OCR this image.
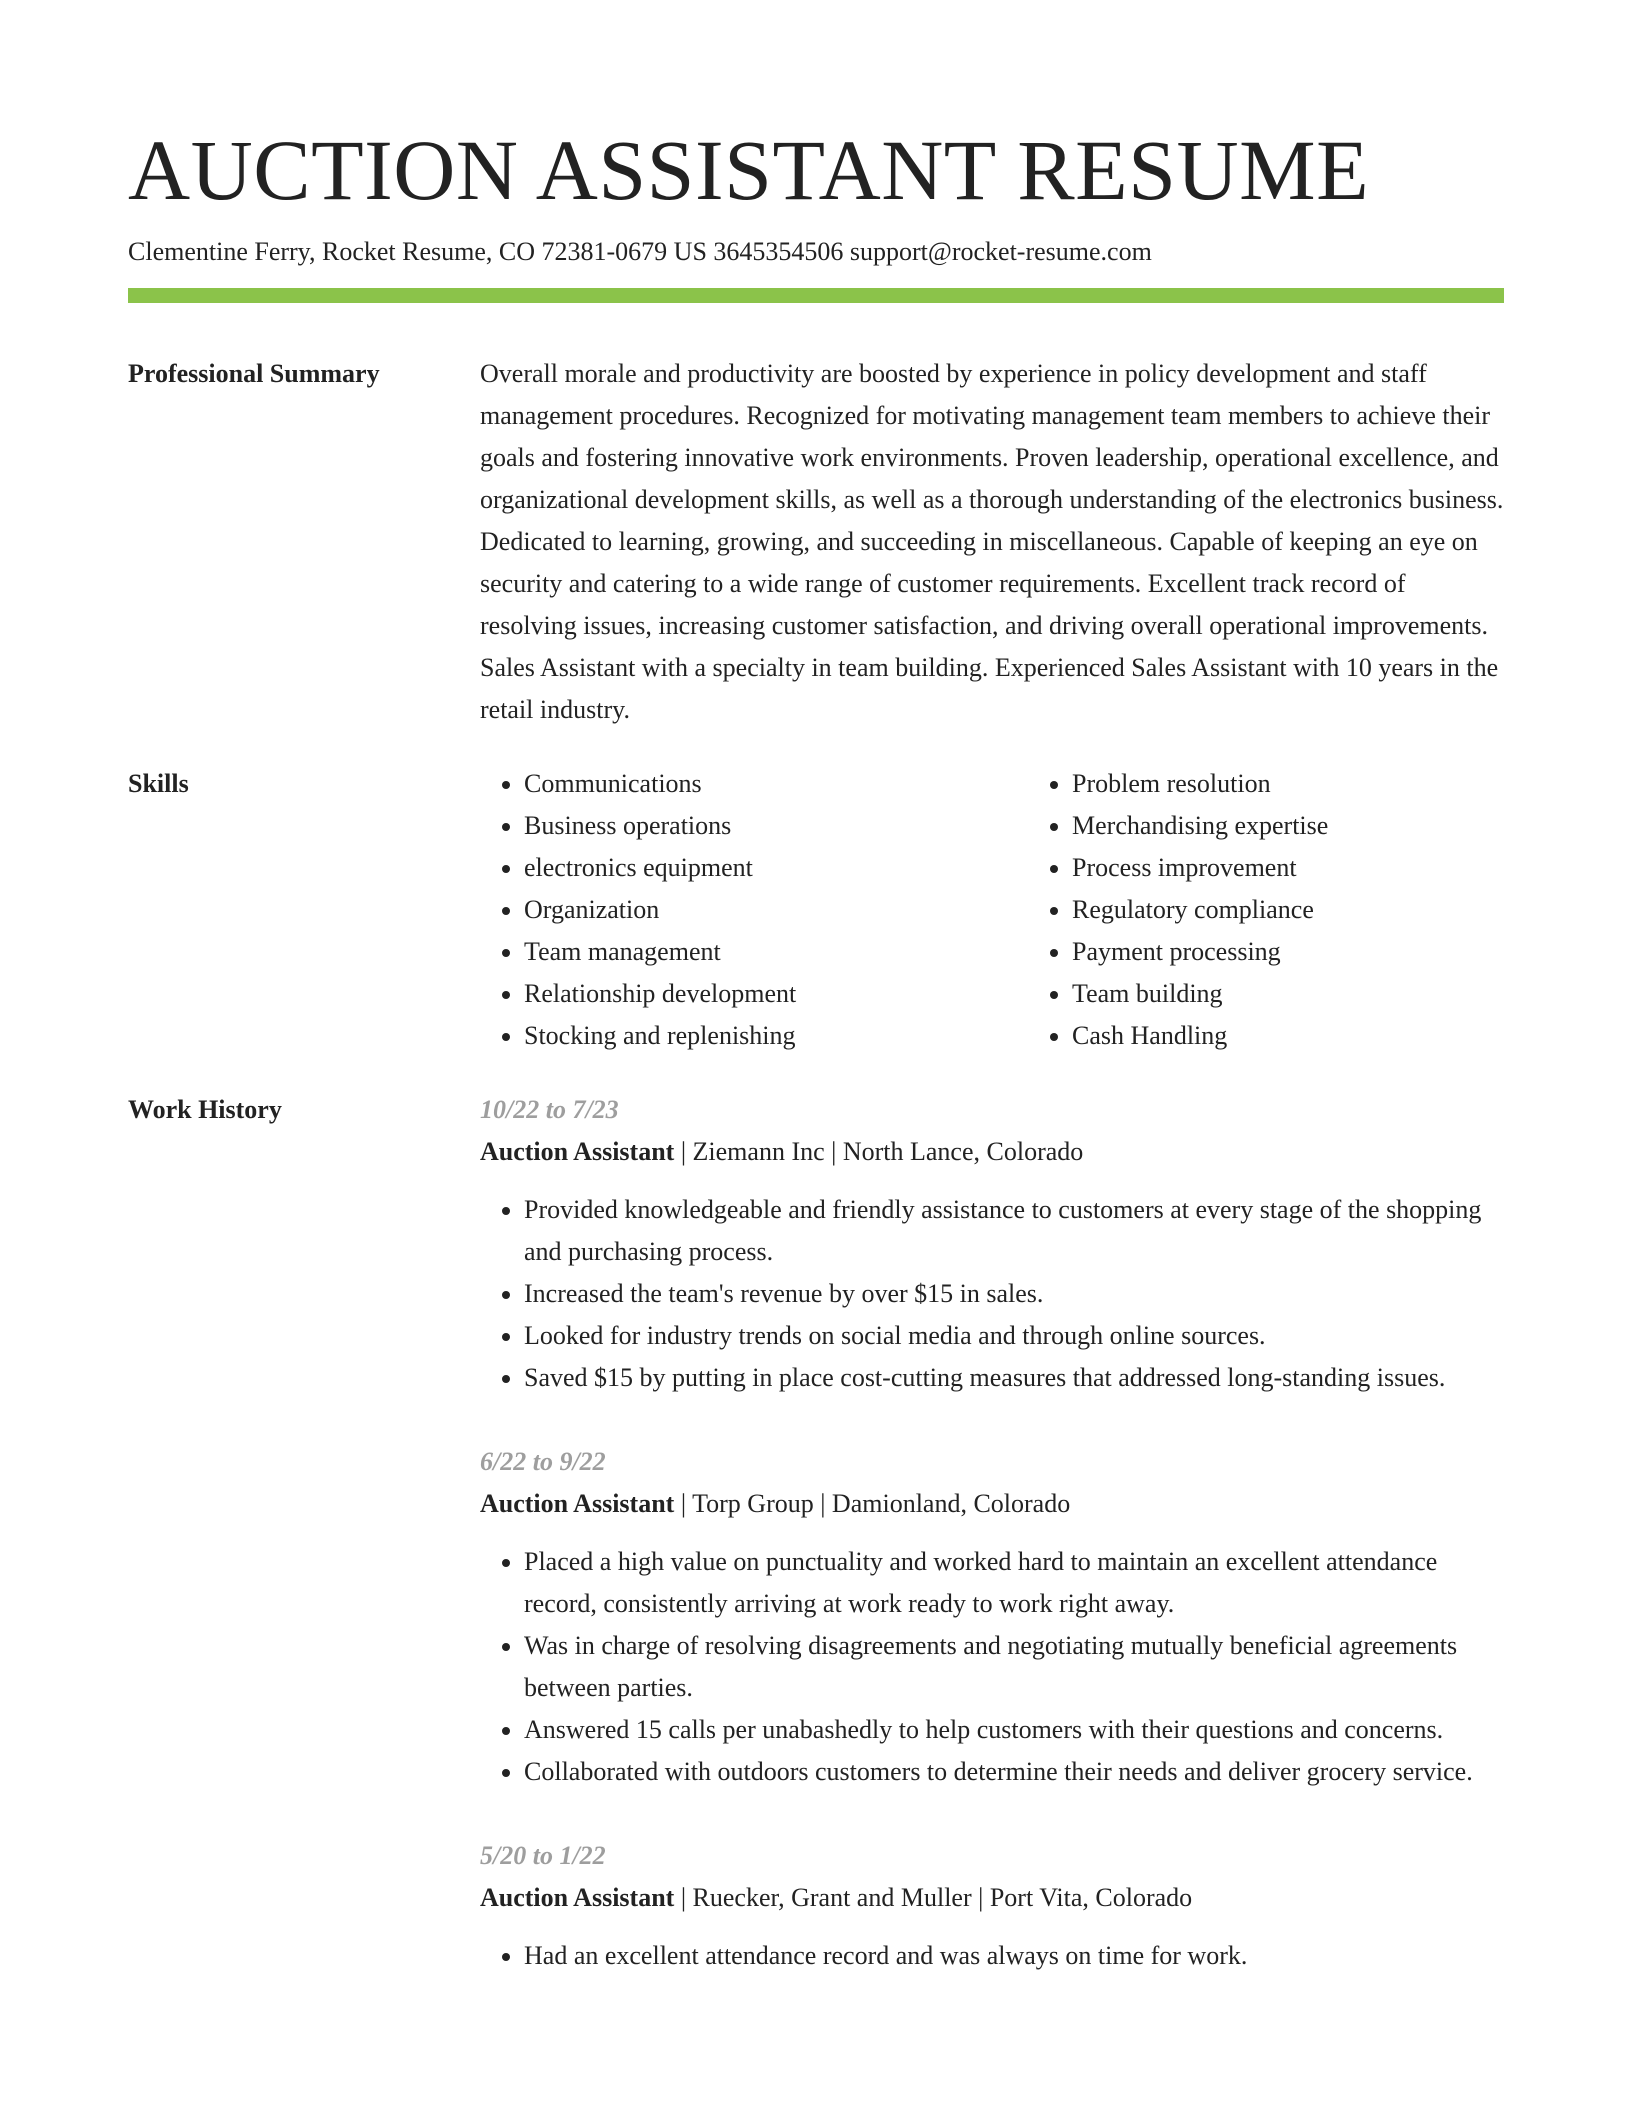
AUCTION ASSISTANT RESUME
Clementine Ferry, Rocket Resume, CO 72381-0679 US 3645354506 support@rocket-resume.com
Professional Summary	Overall morale and productivity are boosted by experience in policy development and staff management procedures. Recognized for motivating management team members to achieve their goals and fostering innovative work environments. Proven leadership, operational excellence, and organizational development skills, as well as a thorough understanding of the electronics business. Dedicated to learning, growing, and succeeding in miscellaneous. Capable of keeping an eye on security and catering to a wide range of customer requirements. Excellent track record of resolving issues, increasing customer satisfaction, and driving overall operational improvements. Sales Assistant with a specialty in team building. Experienced Sales Assistant with 10 years in the retail industry.

Skills
•	Communications
• Business operations
• electronics equipment
• Organization
• Team management
• Relationship development
• Stocking and replenishing
• Problem resolution
• Merchandising expertise
• Process improvement
• Regulatory compliance
• Payment processing
• Team building
• Cash Handling
Work History	10/22 to 7/23

Auction Assistant | Ziemann Inc | North Lance, Colorado

• Provided knowledgeable and friendly assistance to customers at every stage of the shopping and purchasing process.
• Increased the team's revenue by over $15 in sales.
• Looked for industry trends on social media and through online sources.
• Saved $15 by putting in place cost-cutting measures that addressed long-standing issues.
6/22 to 9/22

Auction Assistant | Torp Group | Damionland, Colorado

• Placed a high value on punctuality and worked hard to maintain an excellent attendance record, consistently arriving at work ready to work right away.
• Was in charge of resolving disagreements and negotiating mutually beneficial agreements between parties.
• Answered 15 calls per unabashedly to help customers with their questions and concerns.
• Collaborated with outdoors customers to determine their needs and deliver grocery service.
5/20 to 1/22

Auction Assistant | Ruecker, Grant and Muller | Port Vita, Colorado

• Had an excellent attendance record and was always on time for work.
